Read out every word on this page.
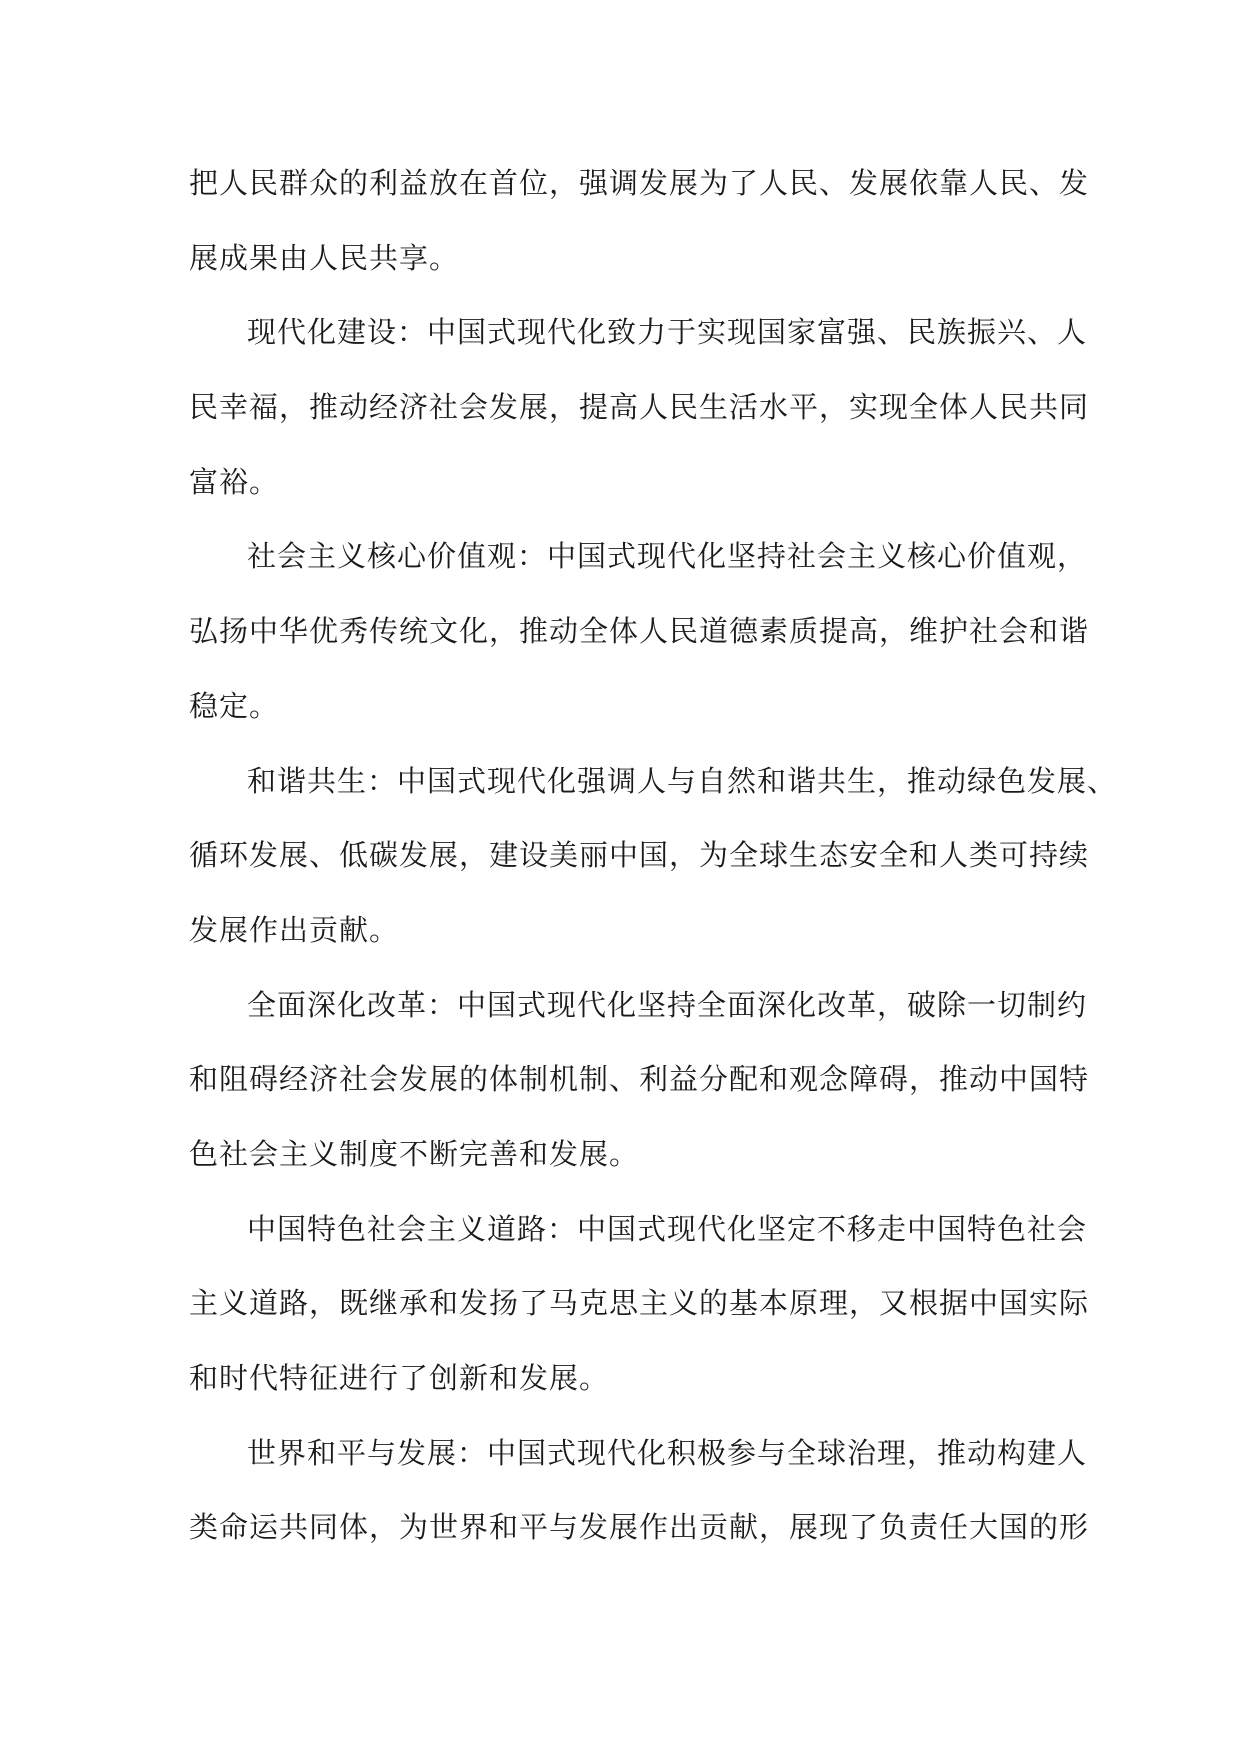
把人民群众的利益放在首位，强调发展为了人民、发展依靠人民、发
展成果由人民共享。
现代化建设：中国式现代化致力于实现国家富强、民族振兴、人
民幸福，推动经济社会发展，提高人民生活水平，实现全体人民共同
富裕。
社会主义核心价值观：中国式现代化坚持社会主义核心价值观，
弘扬中华优秀传统文化，推动全体人民道德素质提高，维护社会和谐
稳定。
和谐共生：中国式现代化强调人与自然和谐共生，推动绿色发展、
循环发展、低碳发展，建设美丽中国，为全球生态安全和人类可持续
发展作出贡献。
全面深化改革：中国式现代化坚持全面深化改革，破除一切制约
和阻碍经济社会发展的体制机制、利益分配和观念障碍，推动中国特
色社会主义制度不断完善和发展。
中国特色社会主义道路：中国式现代化坚定不移走中国特色社会
主义道路，既继承和发扬了马克思主义的基本原理，又根据中国实际
和时代特征进行了创新和发展。
世界和平与发展：中国式现代化积极参与全球治理，推动构建人
类命运共同体，为世界和平与发展作出贡献，展现了负责任大国的形
